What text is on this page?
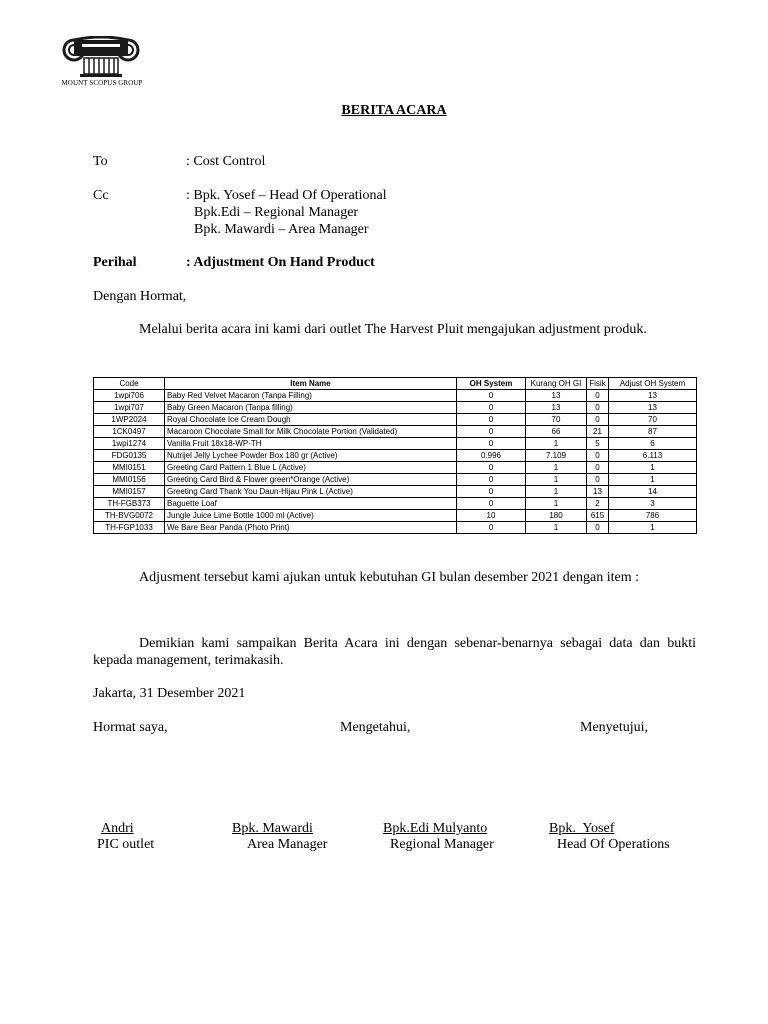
MOUNT SCOPUS GROUP
BERITA ACARA
To	: Cost Control
Cc	: Bpk. Yosef – Head Of Operational
Bpk.Edi – Regional Manager
Bpk. Mawardi – Area Manager
Perihal	: Adjustment On Hand Product
Dengan Hormat,
Melalui berita acara ini kami dari outlet The Harvest Pluit mengajukan adjustment produk.
Code	Item Name	OH System	Kurang OH GI	Fisik	Adjust OH System
1wpi706	Baby Red Velvet Macaron (Tanpa Filling)	0	13	0	13
1wpi707	Baby Green Macaron (Tanpa filling)	0	13	0	13
1WP2024	Royal Chocolate Ice Cream Dough	0	70	0	70
1CK0497	Macaroon Chocolate Small for Milk Chocolate Portion (Validated)	0	66	21	87
1wpi1274	Vanilla Fruit 18x18-WP-TH	0	1	5	6
FDG0135	Nutrijel Jelly Lychee Powder Box 180 gr (Active)	0.996	7.109	0	6.113
MMI0151	Greeting Card Pattern 1 Blue L (Active)	0	1	0	1
MMI0156	Greeting Card Bird & Flower green*Orange (Active)	0	1	0	1
MMI0157	Greeting Card Thank You Daun-Hijau Pink L (Active)	0	1	13	14
TH-FGB373	Baguette Loaf	0	1	2	3
TH-BVG0072	Jungle Juice Lime Bottle 1000 ml (Active)	10	180	615	786
TH-FGP1033	We Bare Bear Panda (Photo Print)	0	1	0	1
Adjusment tersebut kami ajukan untuk kebutuhan GI bulan desember 2021 dengan item :
Demikian kami sampaikan Berita Acara ini dengan sebenar-benarnya sebagai data dan bukti kepada management, terimakasih.
Jakarta, 31 Desember 2021
Hormat saya,	Mengetahui,	Menyetujui,
Andri
PIC outlet
Bpk. Mawardi
Area Manager
Bpk.Edi Mulyanto
Regional Manager
Bpk.  Yosef
Head Of Operations
